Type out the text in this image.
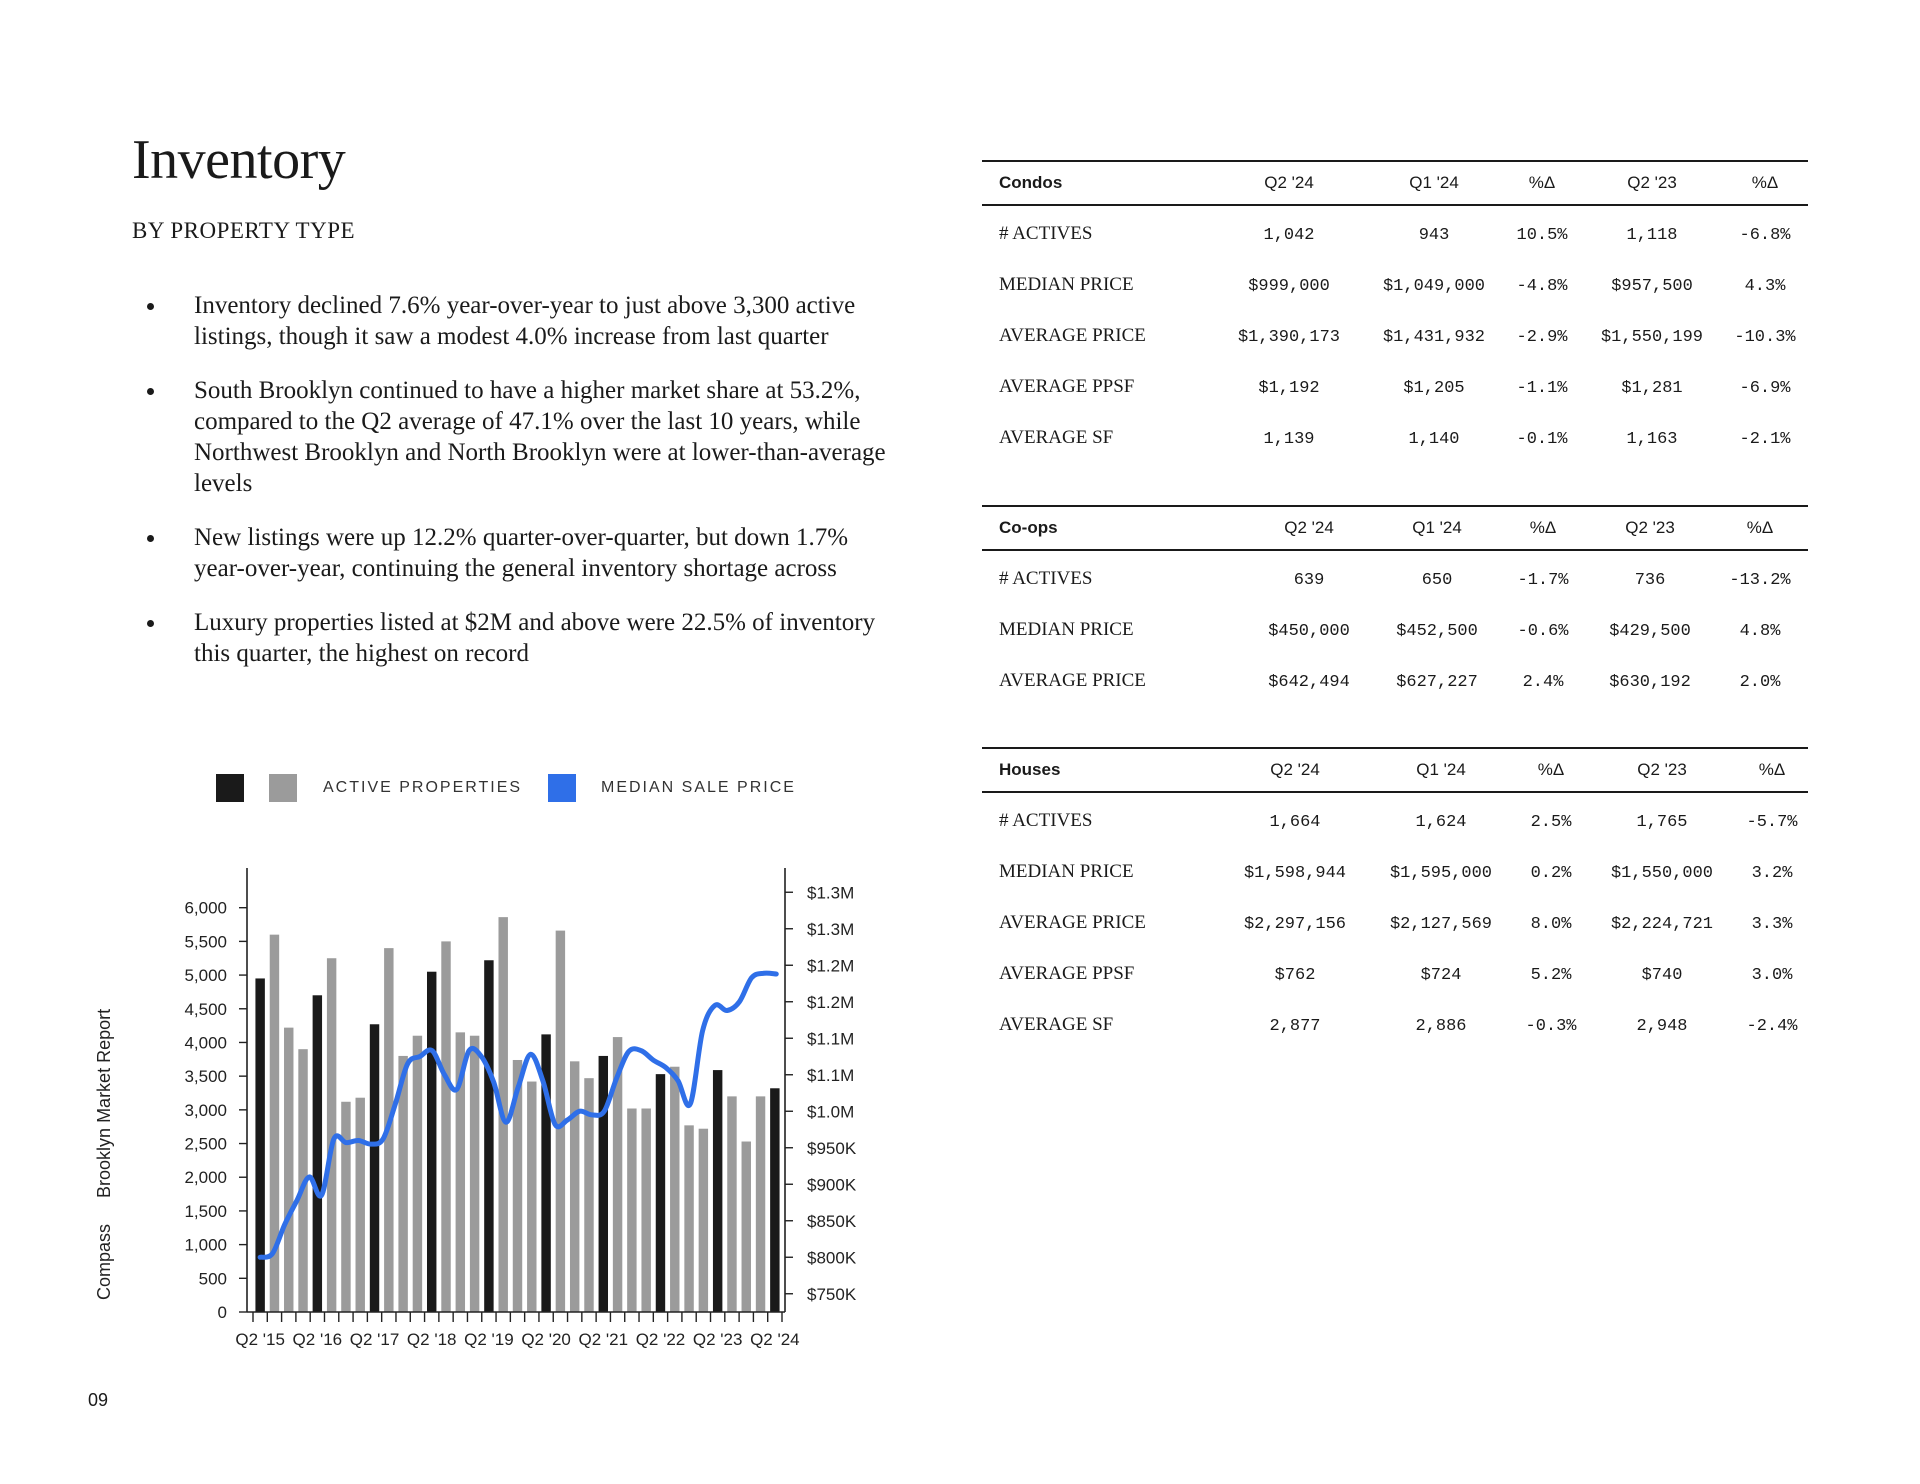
Inventory
BY PROPERTY TYPE
Inventory declined 7.6% year-over-year to just above 3,300 active listings, though it saw a modest 4.0% increase from last quarter
South Brooklyn continued to have a higher market share at 53.2%, compared to the Q2 average of 47.1% over the last 10 years, while Northwest Brooklyn and North Brooklyn were at lower-than-average levels
New listings were up 12.2% quarter-over-quarter, but down 1.7% year-over-year, continuing the general inventory shortage across
Luxury properties listed at $2M and above were 22.5% of inventory this quarter, the highest on record
ACTIVE PROPERTIES	MEDIAN SALE PRICE
0
500
1,000
1,500
2,000
2,500
3,000
3,500
4,000
4,500
5,000
5,500
6,000
$750K
$800K
$850K
$900K
$950K
$1.0M
$1.1M
$1.1M
$1.2M
$1.2M
$1.3M
$1.3M
Q2 '15 Q2 '16 Q2 '17 Q2 '18 Q2 '19 Q2 '20 Q2 '21 Q2 '22 Q2 '23 Q2 '24
CompassBrooklyn Market Report
09
Condos	Q2 '24	Q1 '24	%Δ	Q2 '23	%Δ
# ACTIVES	1,042	943	10.5%	1,118	-6.8%
MEDIAN PRICE	$999,000	$1,049,000 -4.8%	$957,500	4.3%
AVERAGE PRICE	$1,390,173	$1,431,932 -2.9% $1,550,199 -10.3%
AVERAGE PPSF	$1,192	$1,205	-1.1%	$1,281	-6.9%
AVERAGE SF	1,139	1,140	-0.1%	1,163	-2.1%
Co-ops	Q2 '24	Q1 '24	%Δ	Q2 '23	%Δ
# ACTIVES	639	650	-1.7%	736	-13.2%
MEDIAN PRICE	$450,000	$452,500 -0.6% $429,500	4.8%
AVERAGE PRICE	$642,494	$627,227	2.4%	$630,192	2.0%
Houses	Q2 '24	Q1 '24	%Δ	Q2 '23	%Δ
# ACTIVES	1,664	1,624	2.5%	1,765	-5.7%
MEDIAN PRICE	$1,598,944	$1,595,000 0.2% $1,550,000 3.2%
AVERAGE PRICE	$2,297,156	$2,127,569 8.0% $2,224,721 3.3%
AVERAGE PPSF	$762	$724	5.2%	$740	3.0%
AVERAGE SF	2,877	2,886	-0.3%	2,948	-2.4%
